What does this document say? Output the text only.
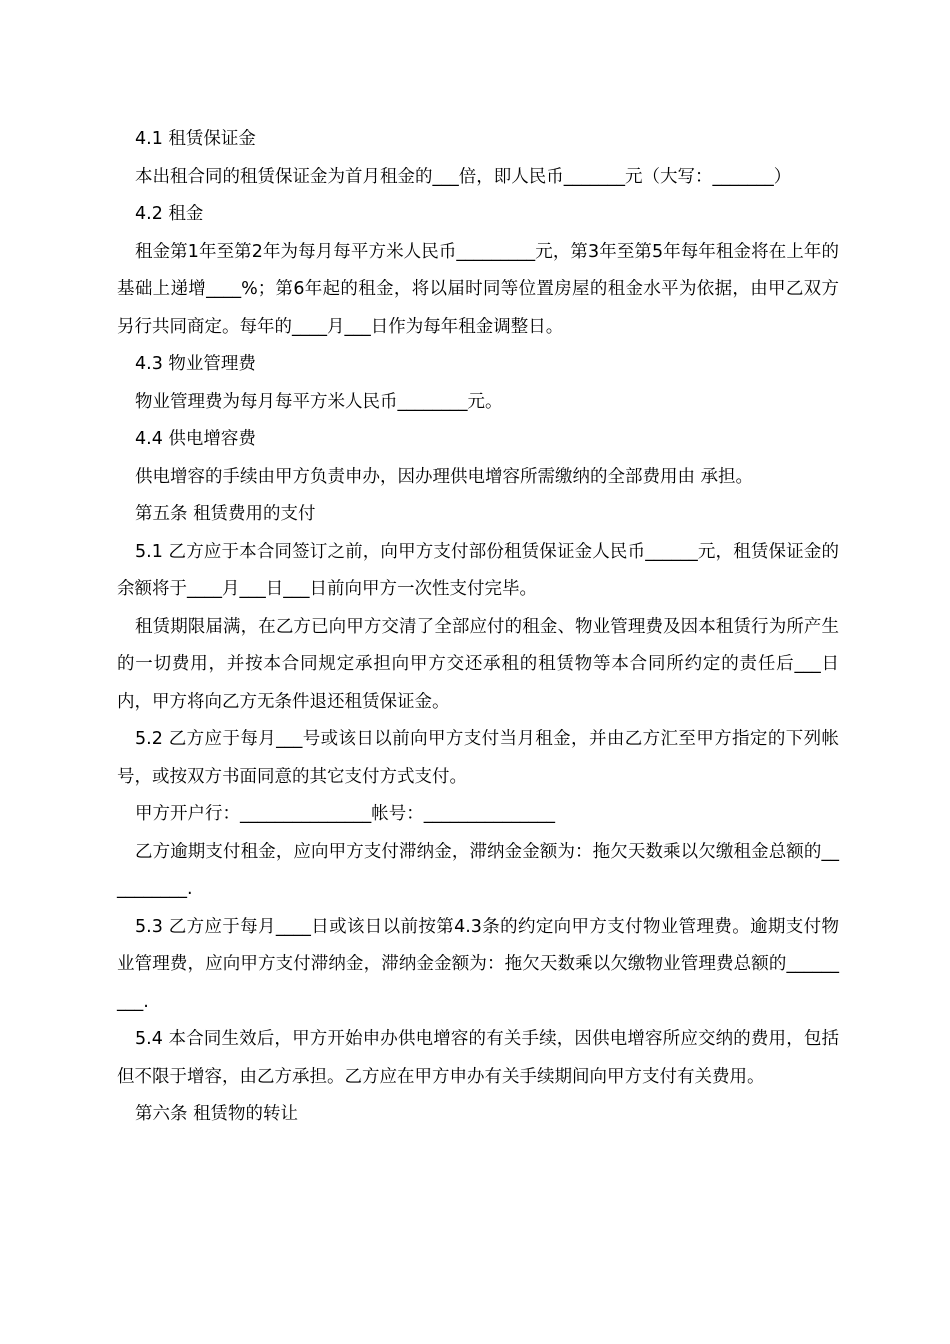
4.1 租赁保证金

本出租合同的租赁保证金为首月租金的___倍，即人民币_______元（大写：_______）

4.2 租金

租金第1年至第2年为每月每平方米人民币_________元，第3年至第5年每年租金将在上年的基础上递增____%；第6年起的租金，将以届时同等位置房屋的租金水平为依据，由甲乙双方另行共同商定。每年的____月___日作为每年租金调整日。

4.3 物业管理费

物业管理费为每月每平方米人民币________元。

4.4 供电增容费

供电增容的手续由甲方负责申办，因办理供电增容所需缴纳的全部费用由 承担。

第五条 租赁费用的支付

5.1 乙方应于本合同签订之前，向甲方支付部份租赁保证金人民币______元，租赁保证金的余额将于____月___日___日前向甲方一次性支付完毕。

租赁期限届满，在乙方已向甲方交清了全部应付的租金、物业管理费及因本租赁行为所产生的一切费用，并按本合同规定承担向甲方交还承租的租赁物等本合同所约定的责任后___日内，甲方将向乙方无条件退还租赁保证金。

5.2 乙方应于每月___号或该日以前向甲方支付当月租金，并由乙方汇至甲方指定的下列帐号，或按双方书面同意的其它支付方式支付。

甲方开户行：_______________帐号：_______________

乙方逾期支付租金，应向甲方支付滞纳金，滞纳金金额为：拖欠天数乘以欠缴租金总额的__________.

5.3 乙方应于每月____日或该日以前按第4.3条的约定向甲方支付物业管理费。逾期支付物业管理费，应向甲方支付滞纳金，滞纳金金额为：拖欠天数乘以欠缴物业管理费总额的_________.

5.4 本合同生效后，甲方开始申办供电增容的有关手续，因供电增容所应交纳的费用，包括但不限于增容，由乙方承担。乙方应在甲方申办有关手续期间向甲方支付有关费用。

第六条 租赁物的转让
